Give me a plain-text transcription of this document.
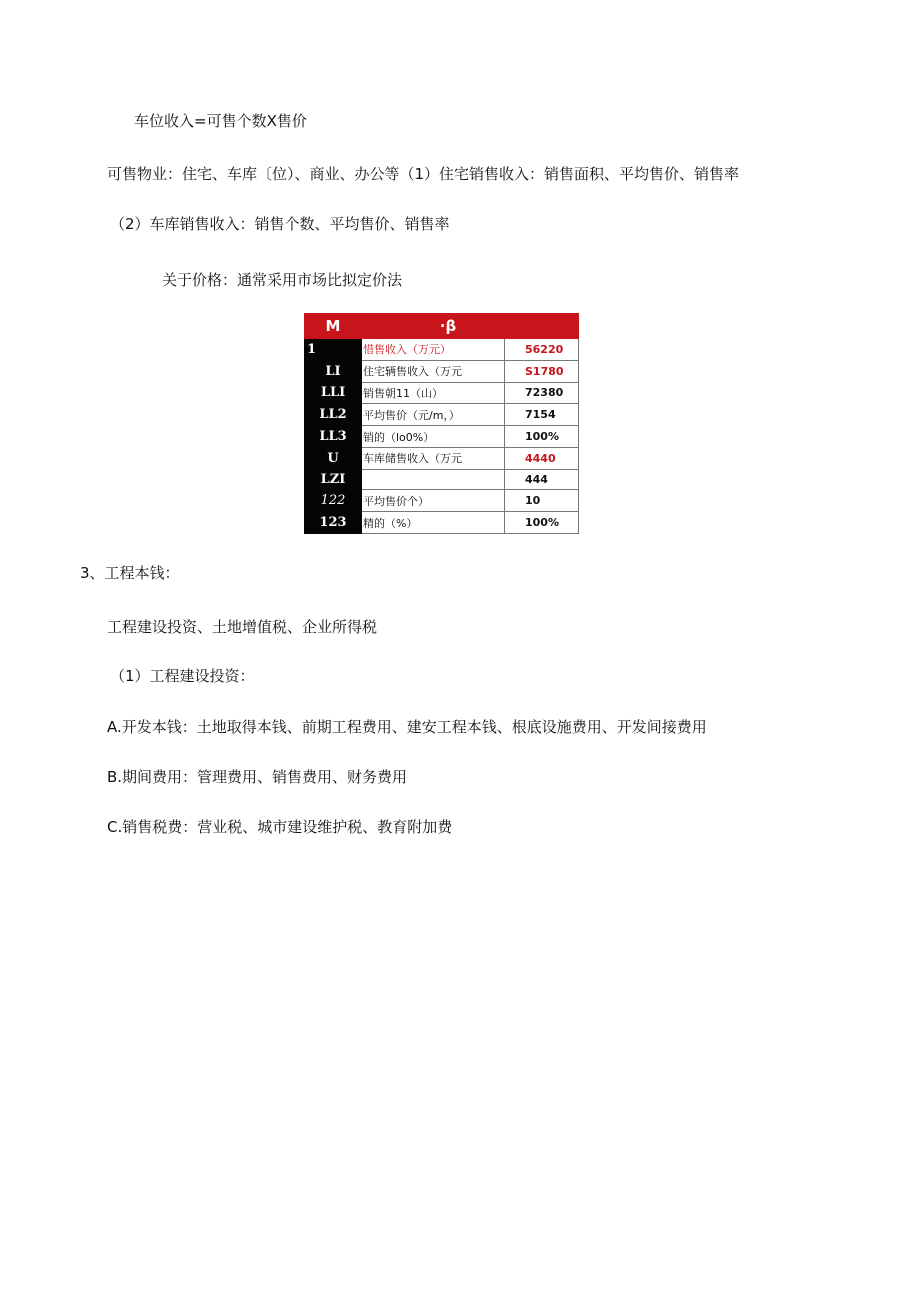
车位收入=可售个数X售价
可售物业：住宅、车库〔位）、商业、办公等（1）住宅销售收入：销售面积、平均售价、销售率
（2）车库销售收入：销售个数、平均售价、销售率
关于价格：通常采用市场比拟定价法
M	·β	
1	惜售收入（万元）	56220
LI	住宅辆售收入（万元	S1780
LLI	销售朝11（山）	72380
LL2	平均售价（元/m，）	7154
LL3	销的（lo0%）	100%
U	车库储售收入（万元	4440
LZI		444
122	平均售价个）	10
123	精的（%）	100%
3、工程本钱：
工程建设投资、土地增值税、企业所得税
（1）工程建设投资：
A.开发本钱：土地取得本钱、前期工程费用、建安工程本钱、根底设施费用、开发间接费用
B.期间费用：管理费用、销售费用、财务费用
C.销售税费：营业税、城市建设维护税、教育附加费
